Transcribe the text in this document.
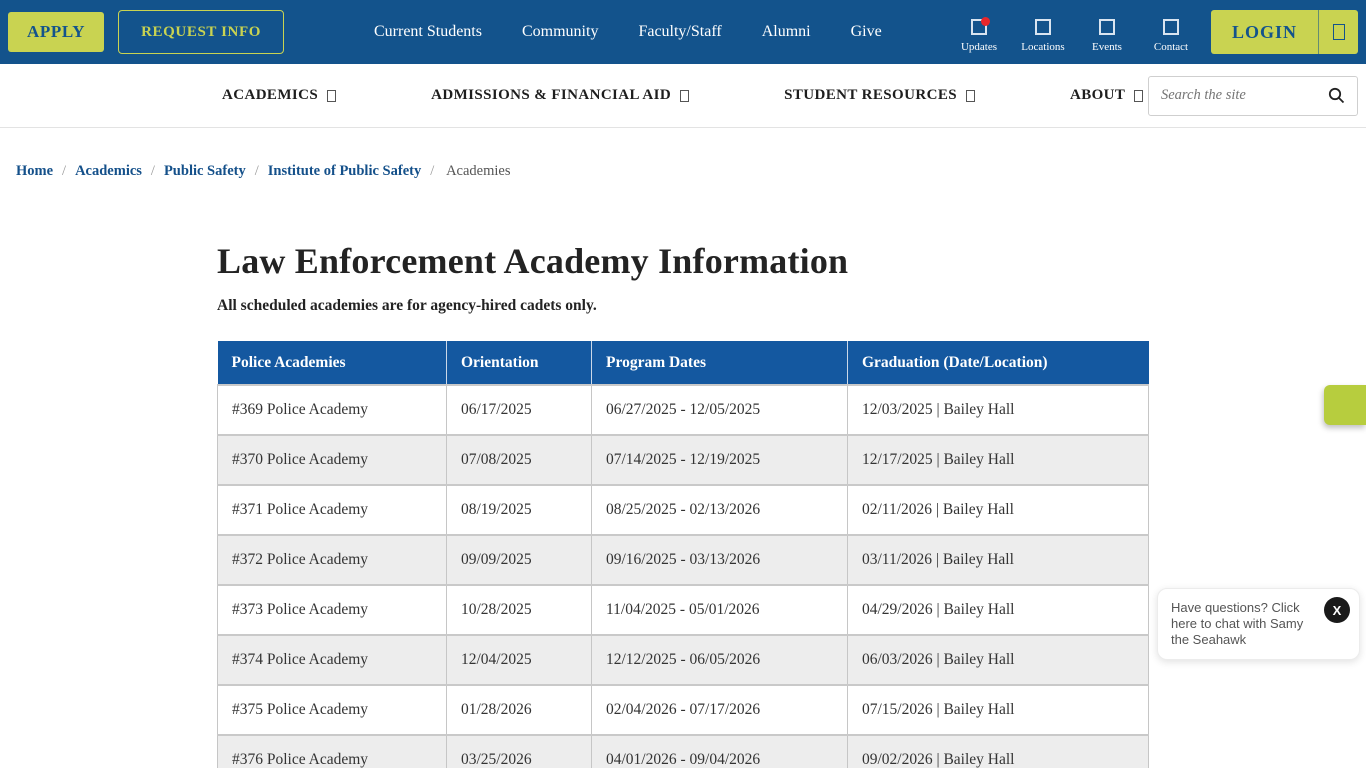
APPLY	REQUEST INFO	Current Students	Community	Faculty/Staff	Alumni	Give
Updates Locations Events	Contact
LOGIN
ACADEMICS	ADMISSIONS & FINANCIAL AID	STUDENT RESOURCES	ABOUT
Search the site
Home / Academics / Public Safety / Institute of Public Safety / Academies
Law Enforcement Academy Information

All scheduled academies are for agency-hired cadets only.

Police Academies	Orientation	Program Dates	Graduation (Date/Location)
#369 Police Academy	06/17/2025	06/27/2025 - 12/05/2025	12/03/2025 | Bailey Hall
#370 Police Academy	07/08/2025	07/14/2025 - 12/19/2025	12/17/2025 | Bailey Hall
#371 Police Academy	08/19/2025	08/25/2025 - 02/13/2026	02/11/2026 | Bailey Hall
#372 Police Academy	09/09/2025	09/16/2025 - 03/13/2026	03/11/2026 | Bailey Hall
#373 Police Academy	10/28/2025	11/04/2025 - 05/01/2026	04/29/2026 | Bailey Hall
#374 Police Academy	12/04/2025	12/12/2025 - 06/05/2026	06/03/2026 | Bailey Hall
#375 Police Academy	01/28/2026	02/04/2026 - 07/17/2026	07/15/2026 | Bailey Hall
#376 Police Academy	03/25/2026	04/01/2026 - 09/04/2026	09/02/2026 | Bailey Hall
Have questions? Click here to chat with Samy the Seahawk
X
